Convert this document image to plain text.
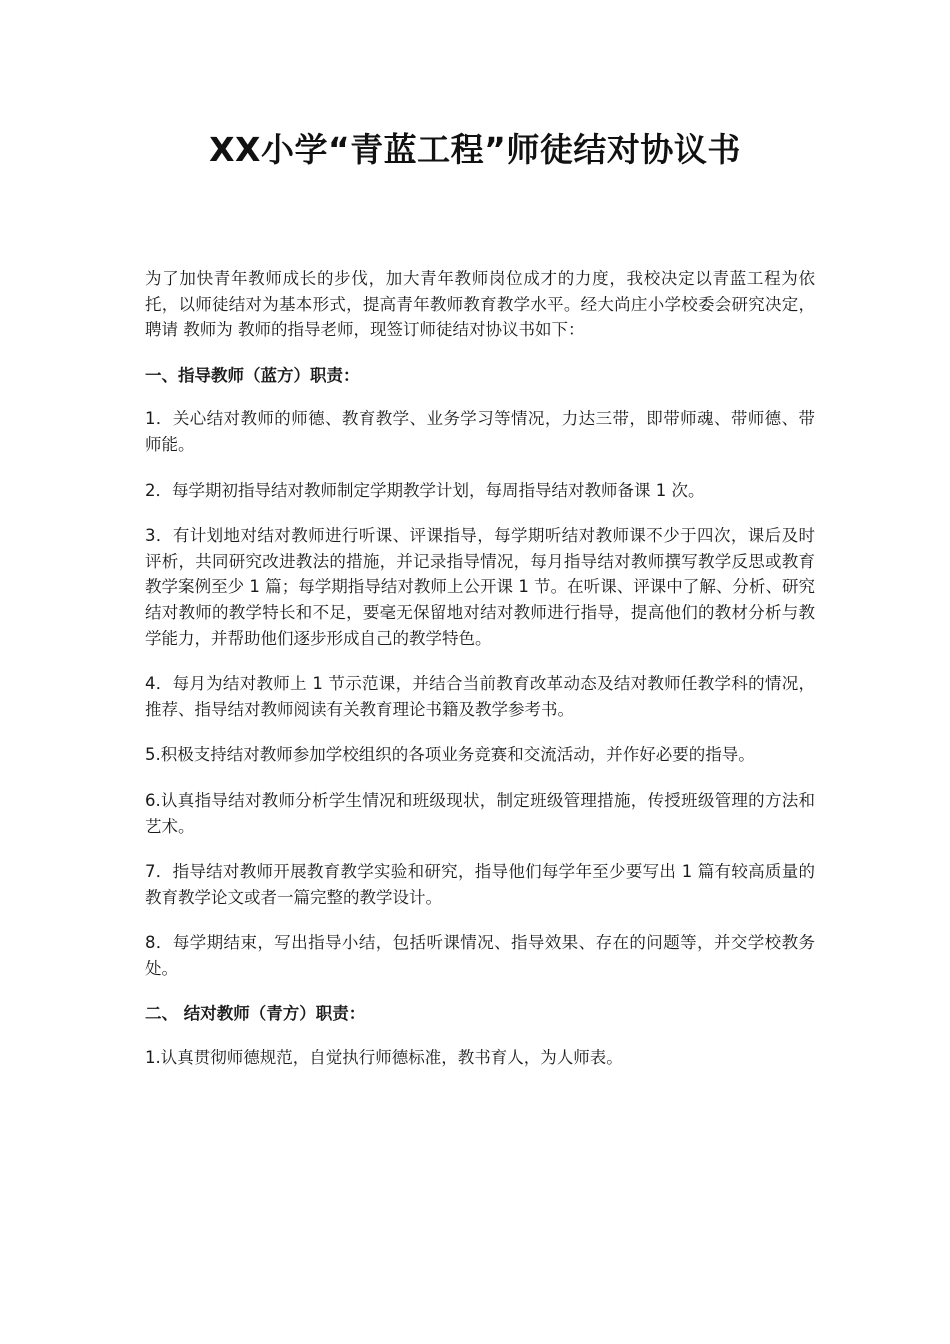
XX小学“青蓝工程”师徒结对协议书

为了加快青年教师成长的步伐，加大青年教师岗位成才的力度，我校决定以青蓝工程为依托，以师徒结对为基本形式，提高青年教师教育教学水平。经大尚庄小学校委会研究决定，聘请 教师为 教师的指导老师，现签订师徒结对协议书如下：

一、指导教师（蓝方）职责：

1．关心结对教师的师德、教育教学、业务学习等情况，力达三带，即带师魂、带师德、带师能。

2．每学期初指导结对教师制定学期教学计划，每周指导结对教师备课 1 次。

3．有计划地对结对教师进行听课、评课指导，每学期听结对教师课不少于四次，课后及时评析，共同研究改进教法的措施，并记录指导情况，每月指导结对教师撰写教学反思或教育教学案例至少 1 篇；每学期指导结对教师上公开课 1 节。在听课、评课中了解、分析、研究结对教师的教学特长和不足，要毫无保留地对结对教师进行指导，提高他们的教材分析与教学能力，并帮助他们逐步形成自己的教学特色。

4．每月为结对教师上 1 节示范课，并结合当前教育改革动态及结对教师任教学科的情况，推荐、指导结对教师阅读有关教育理论书籍及教学参考书。

5.积极支持结对教师参加学校组织的各项业务竞赛和交流活动，并作好必要的指导。

6.认真指导结对教师分析学生情况和班级现状，制定班级管理措施，传授班级管理的方法和艺术。

7．指导结对教师开展教育教学实验和研究，指导他们每学年至少要写出 1 篇有较高质量的教育教学论文或者一篇完整的教学设计。

8．每学期结束，写出指导小结，包括听课情况、指导效果、存在的问题等，并交学校教务处。

二、 结对教师（青方）职责：

1.认真贯彻师德规范，自觉执行师德标准，教书育人，为人师表。
